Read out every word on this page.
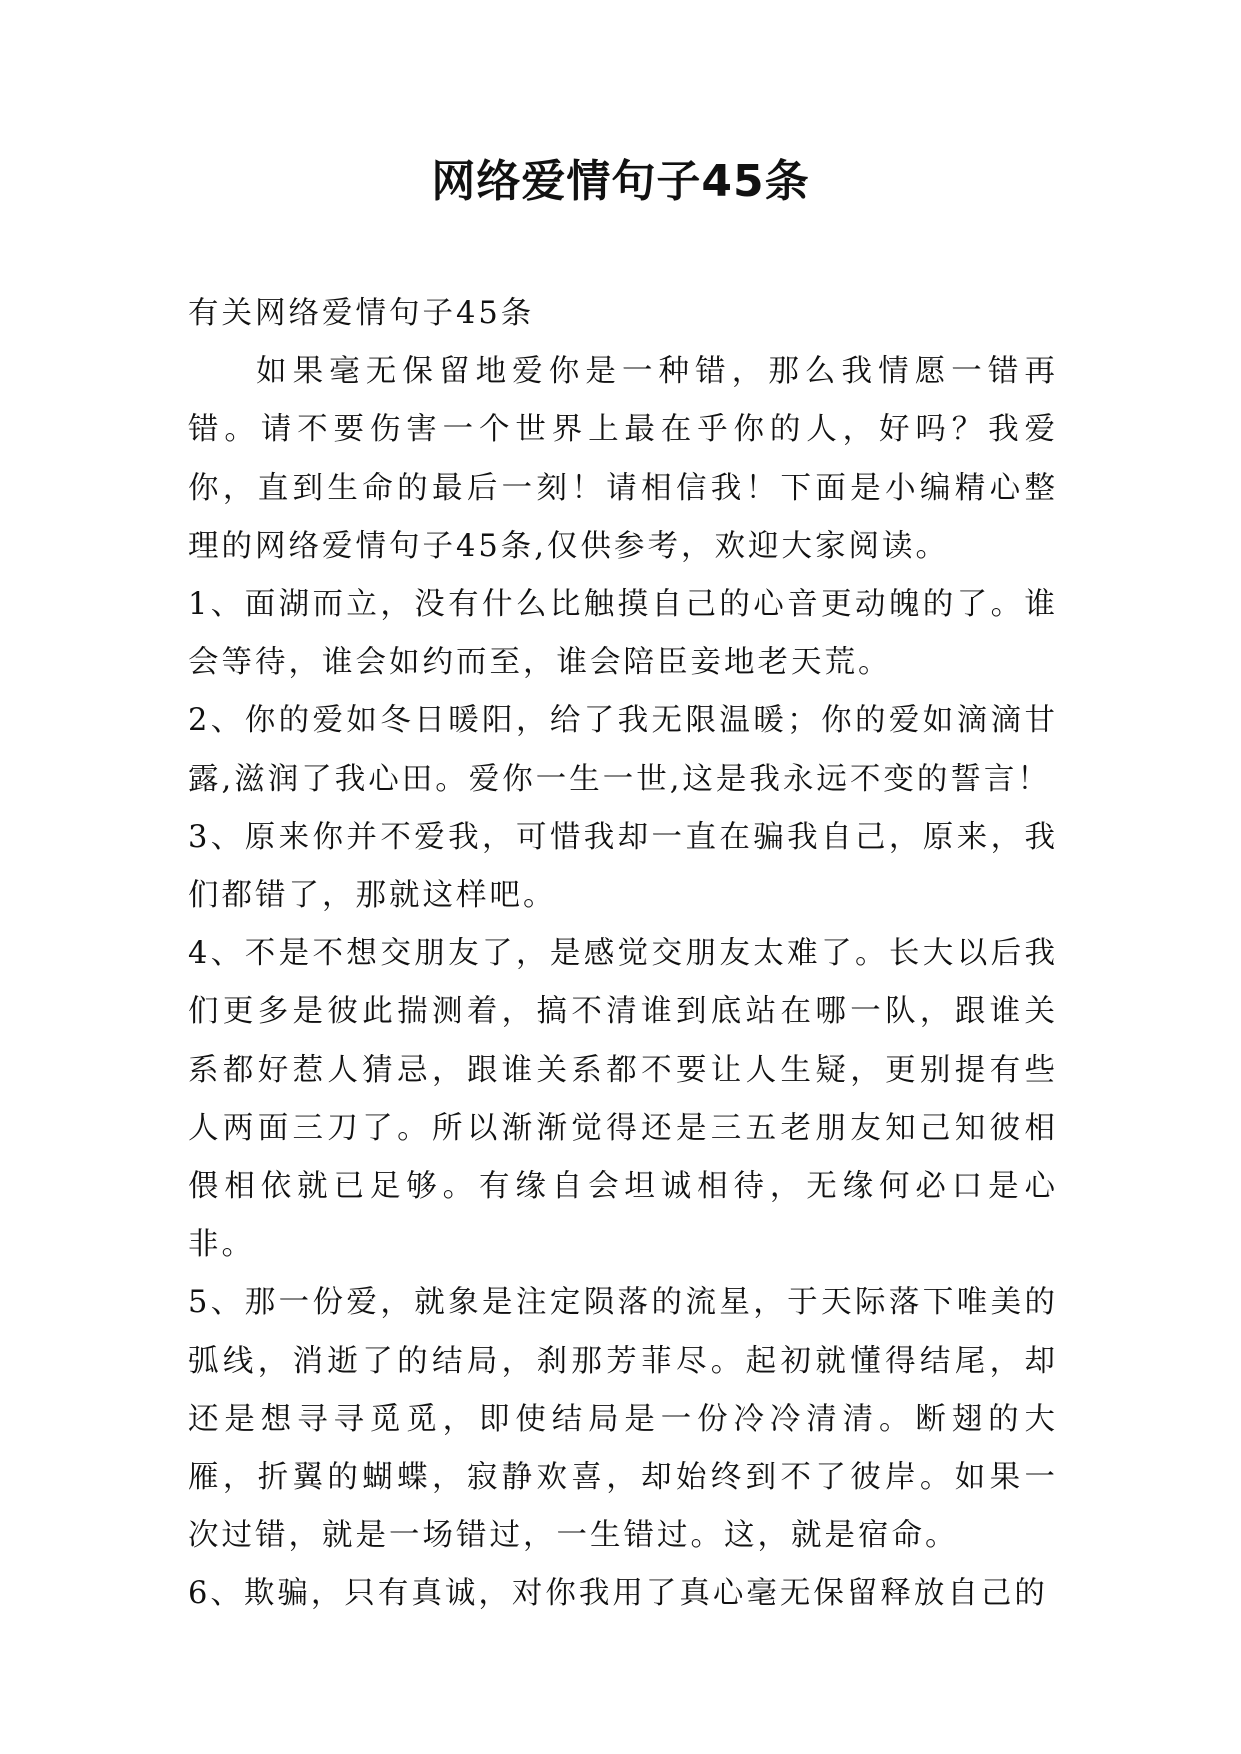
网络爱情句子45条

有关网络爱情句子45条

如果毫无保留地爱你是一种错，那么我情愿一错再错。请不要伤害一个世界上最在乎你的人，好吗？我爱你，直到生命的最后一刻！请相信我！下面是小编精心整理的网络爱情句子45条,仅供参考，欢迎大家阅读。

1、面湖而立，没有什么比触摸自己的心音更动魄的了。谁会等待，谁会如约而至，谁会陪臣妾地老天荒。

2、你的爱如冬日暖阳，给了我无限温暖；你的爱如滴滴甘露,滋润了我心田。爱你一生一世,这是我永远不变的誓言！

3、原来你并不爱我，可惜我却一直在骗我自己，原来，我们都错了，那就这样吧。

4、不是不想交朋友了，是感觉交朋友太难了。长大以后我们更多是彼此揣测着，搞不清谁到底站在哪一队，跟谁关系都好惹人猜忌，跟谁关系都不要让人生疑，更别提有些人两面三刀了。所以渐渐觉得还是三五老朋友知己知彼相偎相依就已足够。有缘自会坦诚相待，无缘何必口是心非。

5、那一份爱，就象是注定陨落的流星，于天际落下唯美的弧线，消逝了的结局，刹那芳菲尽。起初就懂得结尾，却还是想寻寻觅觅，即使结局是一份冷冷清清。断翅的大雁，折翼的蝴蝶，寂静欢喜，却始终到不了彼岸。如果一次过错，就是一场错过，一生错过。这，就是宿命。

6、欺骗，只有真诚，对你我用了真心毫无保留释放自己的
